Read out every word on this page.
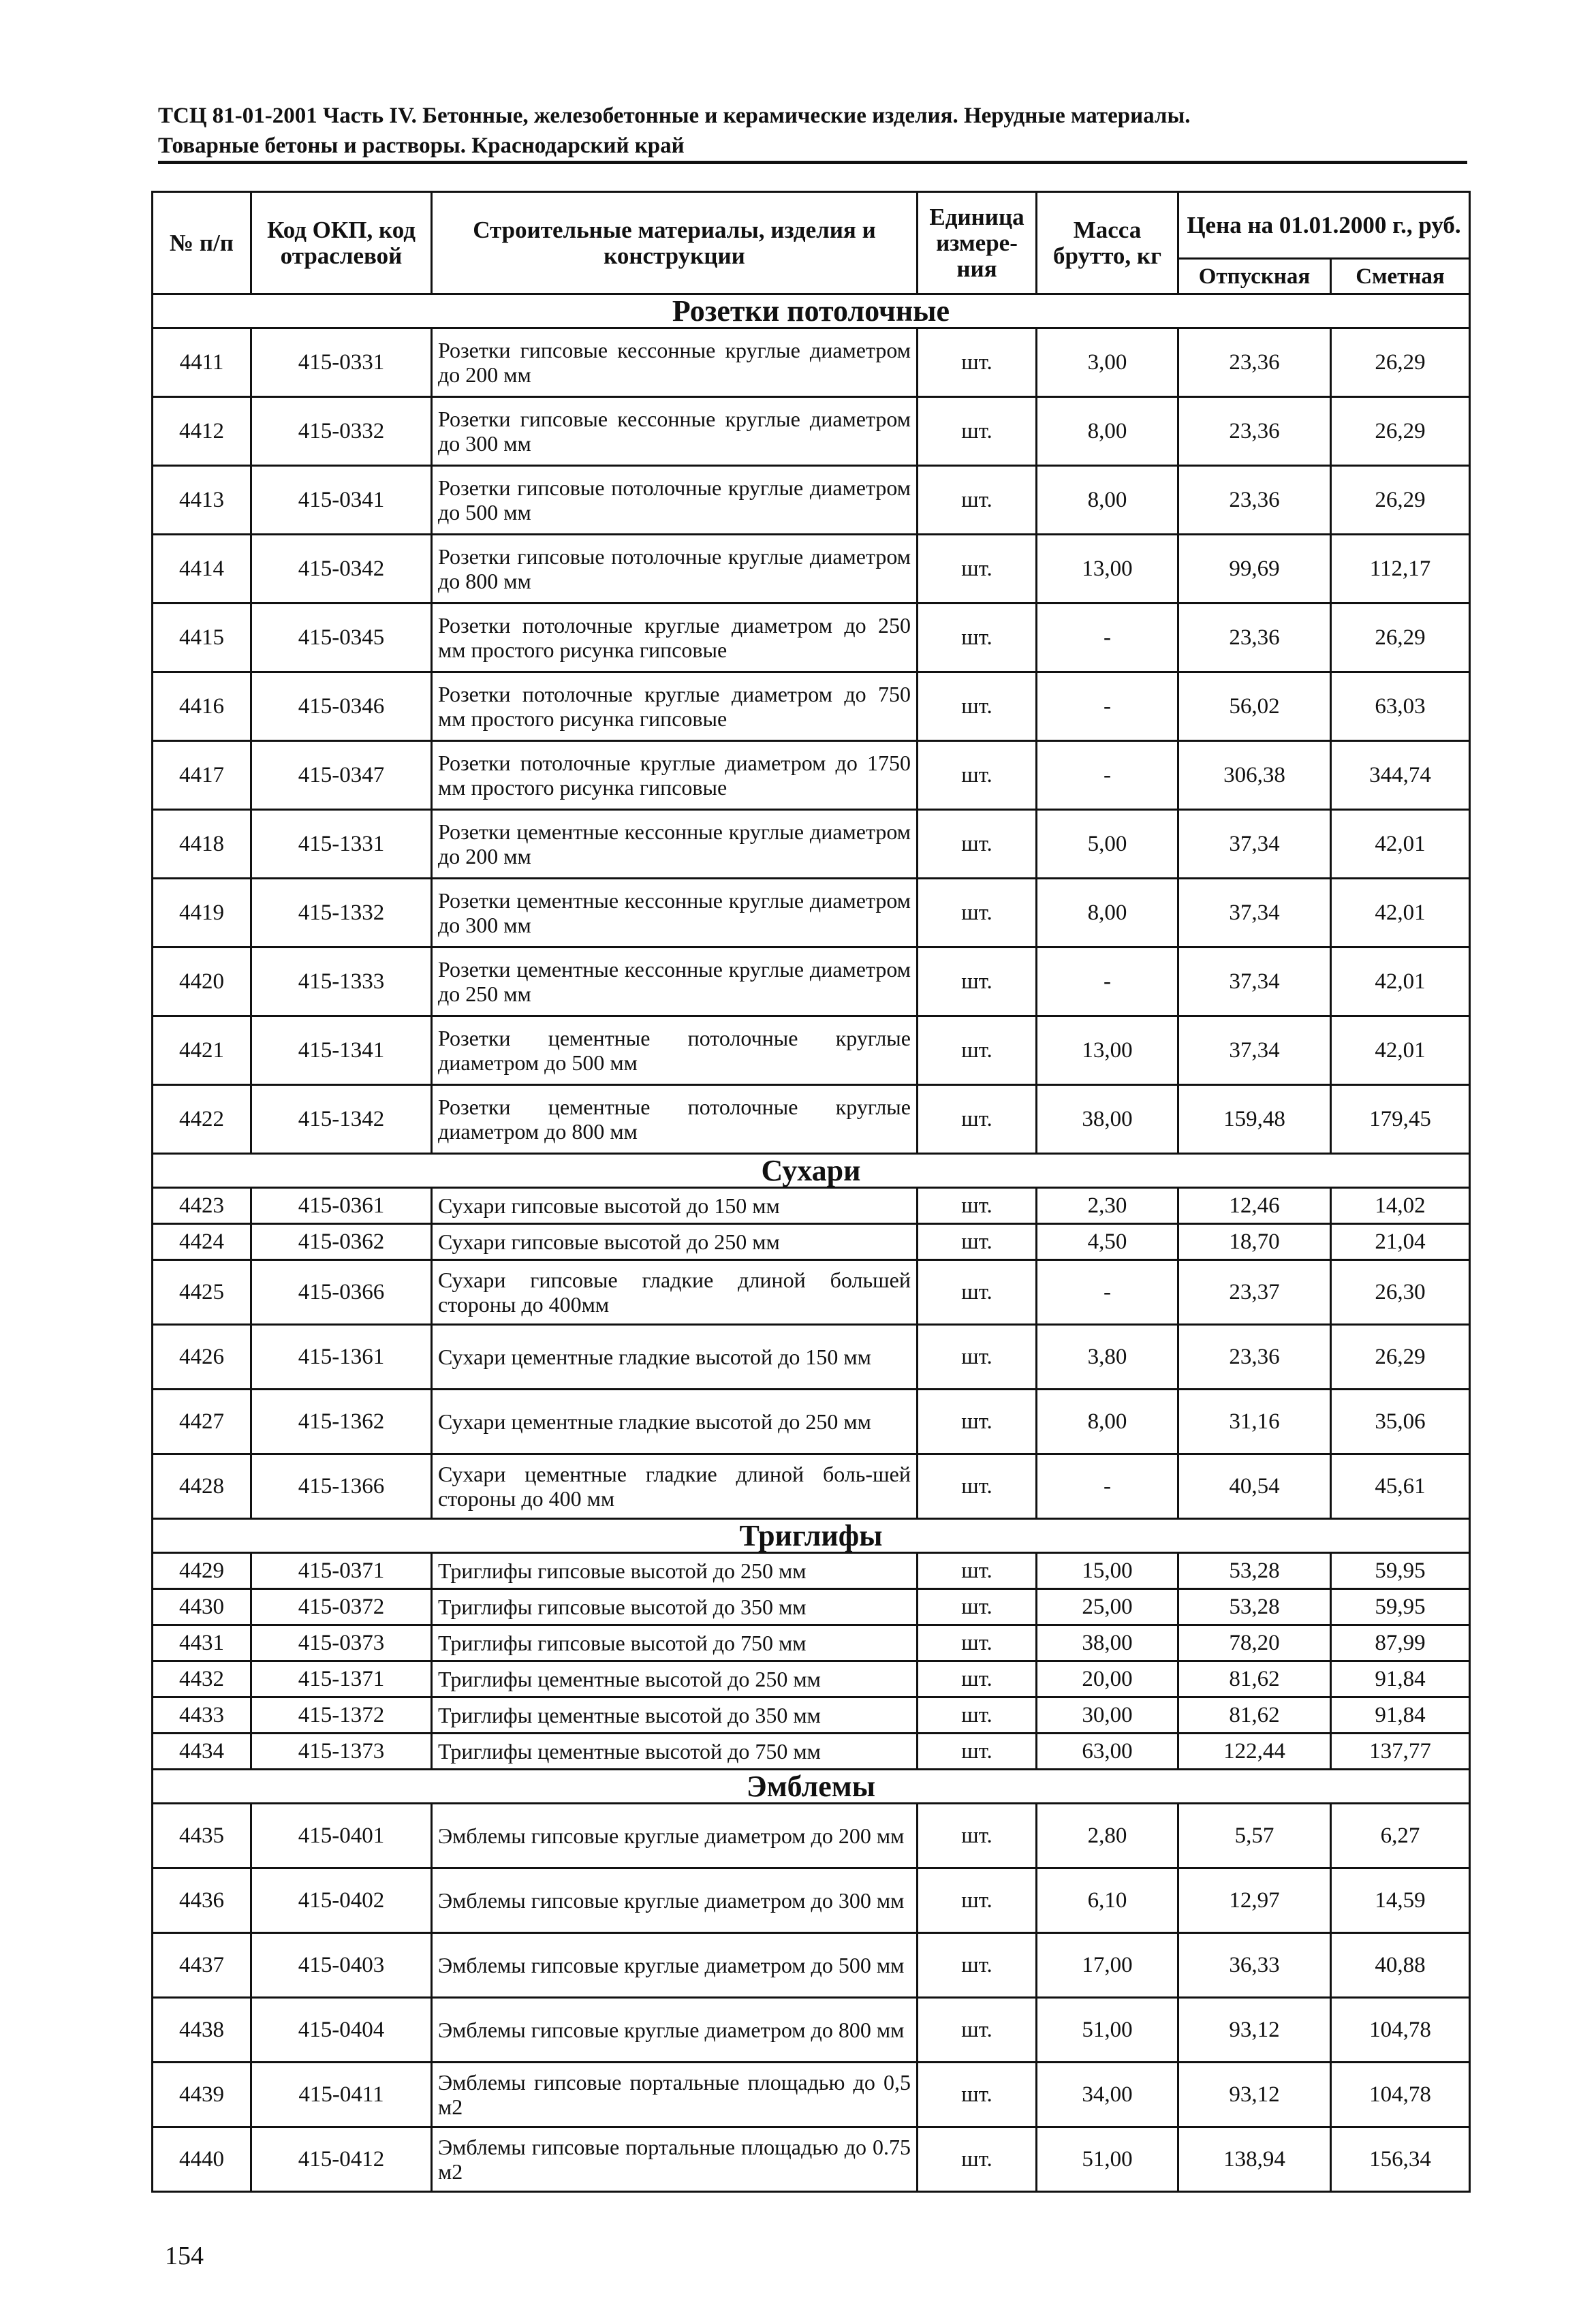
ТСЦ 81-01-2001 Часть IV. Бетонные, железобетонные и керамические изделия. Нерудные материалы.
Товарные бетоны и растворы. Краснодарский край
№ п/п	Код ОКП, код отраслевой	Строительные материалы, изделия и конструкции	Единица измере- ния	Масса брутто, кг	Цена на 01.01.2000 г., руб.	
					Отпускная	Сметная
Розетки потолочные						
4411	415-0331	Розетки гипсовые кессонные круглые диаметром до 200 мм	шт.	3,00	23,36	26,29
4412	415-0332	Розетки гипсовые кессонные круглые диаметром до 300 мм	шт.	8,00	23,36	26,29
4413	415-0341	Розетки гипсовые потолочные круглые диаметром до 500 мм	шт.	8,00	23,36	26,29
4414	415-0342	Розетки гипсовые потолочные круглые диаметром до 800 мм	шт.	13,00	99,69	112,17
4415	415-0345	Розетки потолочные круглые диаметром до 250 мм простого рисунка гипсовые	шт.	-	23,36	26,29
4416	415-0346	Розетки потолочные круглые диаметром до 750 мм простого рисунка гипсовые	шт.	-	56,02	63,03
4417	415-0347	Розетки потолочные круглые диаметром до 1750 мм простого рисунка гипсовые	шт.	-	306,38	344,74
4418	415-1331	Розетки цементные кессонные круглые диаметром до 200 мм	шт.	5,00	37,34	42,01
4419	415-1332	Розетки цементные кессонные круглые диаметром до 300 мм	шт.	8,00	37,34	42,01
4420	415-1333	Розетки цементные кессонные круглые диаметром до 250 мм	шт.	-	37,34	42,01
4421	415-1341	Розетки цементные потолочные круглые диаметром до 500 мм	шт.	13,00	37,34	42,01
4422	415-1342	Розетки цементные потолочные круглые диаметром до 800 мм	шт.	38,00	159,48	179,45
Сухари						
4423	415-0361	Сухари гипсовые высотой до 150 мм	шт.	2,30	12,46	14,02
4424	415-0362	Сухари гипсовые высотой до 250 мм	шт.	4,50	18,70	21,04
4425	415-0366	Сухари гипсовые гладкие длиной большей стороны до 400мм	шт.	-	23,37	26,30
4426	415-1361	Сухари цементные гладкие высотой до 150 мм	шт.	3,80	23,36	26,29
4427	415-1362	Сухари цементные гладкие высотой до 250 мм	шт.	8,00	31,16	35,06
4428	415-1366	Сухари цементные гладкие длиной боль-шей стороны до 400 мм	шт.	-	40,54	45,61
Триглифы						
4429	415-0371	Триглифы гипсовые высотой до 250 мм	шт.	15,00	53,28	59,95
4430	415-0372	Триглифы гипсовые высотой до 350 мм	шт.	25,00	53,28	59,95
4431	415-0373	Триглифы гипсовые высотой до 750 мм	шт.	38,00	78,20	87,99
4432	415-1371	Триглифы цементные высотой до 250 мм	шт.	20,00	81,62	91,84
4433	415-1372	Триглифы цементные высотой до 350 мм	шт.	30,00	81,62	91,84
4434	415-1373	Триглифы цементные высотой до 750 мм	шт.	63,00	122,44	137,77
Эмблемы						
4435	415-0401	Эмблемы гипсовые круглые диаметром до 200 мм	шт.	2,80	5,57	6,27
4436	415-0402	Эмблемы гипсовые круглые диаметром до 300 мм	шт.	6,10	12,97	14,59
4437	415-0403	Эмблемы гипсовые круглые диаметром до 500 мм	шт.	17,00	36,33	40,88
4438	415-0404	Эмблемы гипсовые круглые диаметром до 800 мм	шт.	51,00	93,12	104,78
4439	415-0411	Эмблемы гипсовые портальные площадью до 0,5 м2	шт.	34,00	93,12	104,78
4440	415-0412	Эмблемы гипсовые портальные площадью до 0.75 м2	шт.	51,00	138,94	156,34
154
